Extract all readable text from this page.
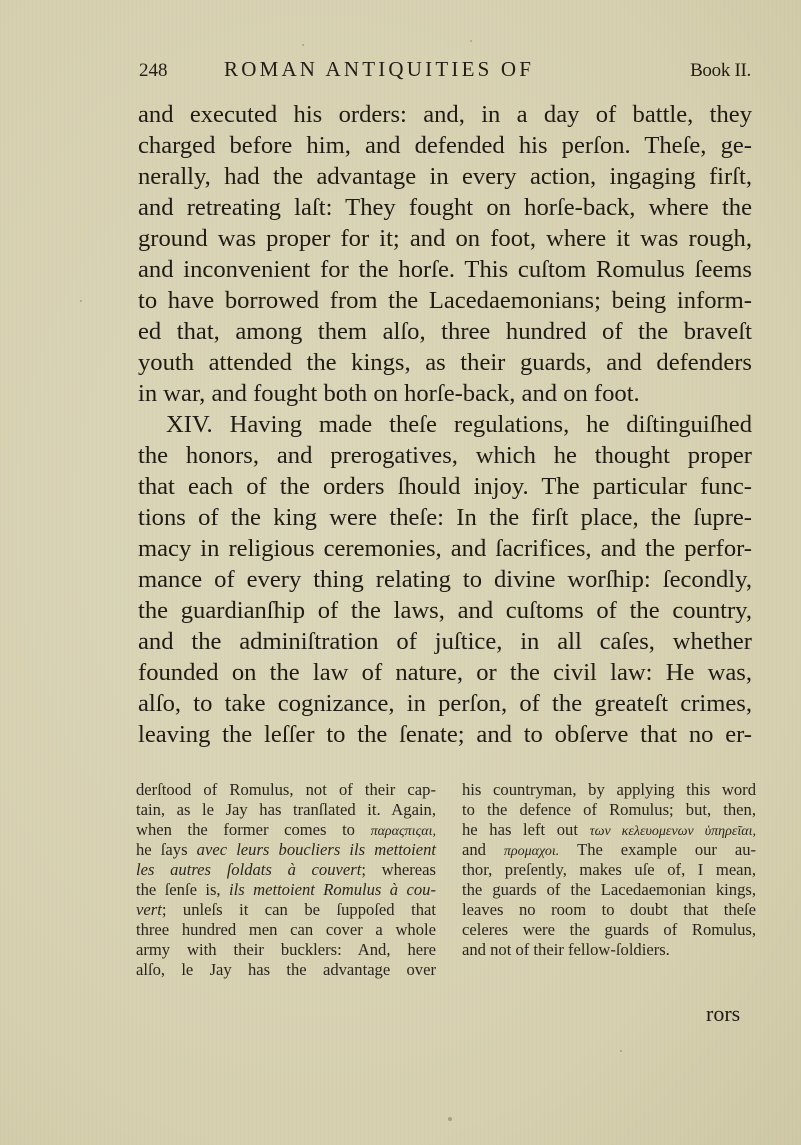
248	ROMAN ANTIQUITIES OF	Book II.
and executed his orders: and, in a day of battle, they
charged before him, and defended his perſon. Theſe, ge-
nerally, had the advantage in every action, ingaging firſt,
and retreating laſt: They fought on horſe-back, where the
ground was proper for it; and on foot, where it was rough,
and inconvenient for the horſe. This cuſtom Romulus ſeems
to have borrowed from the Lacedaemonians; being inform-
ed that, among them alſo, three hundred of the braveſt
youth attended the kings, as their guards, and defenders
in war, and fought both on horſe-back, and on foot.
XIV. Having made theſe regulations, he diſtinguiſhed
the honors, and prerogatives, which he thought proper
that each of the orders ſhould injoy. The particular func-
tions of the king were theſe: In the firſt place, the ſupre-
macy in religious ceremonies, and ſacrifices, and the perfor-
mance of every thing relating to divine worſhip: ſecondly,
the guardianſhip of the laws, and cuſtoms of the country,
and the adminiſtration of juſtice, in all caſes, whether
founded on the law of nature, or the civil law: He was,
alſo, to take cognizance, in perſon, of the greateſt crimes,
leaving the leſſer to the ſenate; and to obſerve that no er-
derſtood of Romulus, not of their cap-
tain, as le Jay has tranſlated it. Again,
when the former comes to παραςπιςαι,
he ſays avec leurs boucliers ils mettoient
les autres ſoldats à couvert; whereas
the ſenſe is, ils mettoient Romulus à cou-
vert; unleſs it can be ſuppoſed that
three hundred men can cover a whole
army with their bucklers: And, here
alſo, le Jay has the advantage over
his countryman, by applying this word
to the defence of Romulus; but, then,
he has left out των κελευομενων ὑπηρεῖαι,
and προμαχοι. The example our au-
thor, preſently, makes uſe of, I mean,
the guards of the Lacedaemonian kings,
leaves no room to doubt that theſe
celeres were the guards of Romulus,
and not of their fellow-ſoldiers.
rors
